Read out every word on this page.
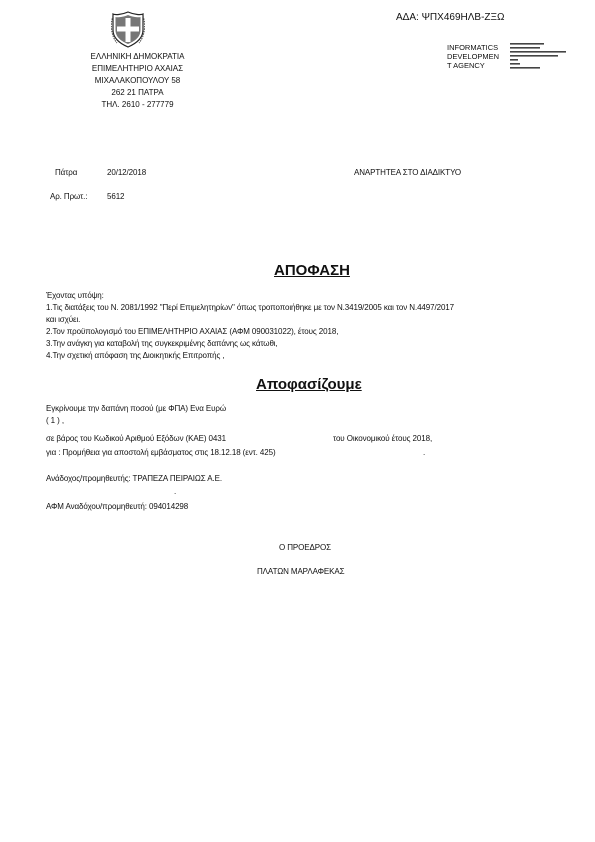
ΑΔΑ: ΨΠΧ469ΗΛΒ-ΖΞΩ
ΕΛΛΗΝΙΚΗ ΔΗΜΟΚΡΑΤΙΑ
ΕΠΙΜΕΛΗΤΗΡΙΟ ΑΧΑΙΑΣ
ΜΙΧΑΛΑΚΟΠΟΥΛΟΥ 58
262 21 ΠΑΤΡΑ
ΤΗΛ. 2610 - 277779
INFORMATICS
DEVELOPMEN
T AGENCY
Πάτρα	20/12/2018	ΑΝΑΡΤΗΤΕΑ ΣΤΟ ΔΙΑΔΙΚΤΥΟ
Αρ. Πρωτ.: 5612
ΑΠΟΦΑΣΗ
Έχοντας υπόψη:
1.Τις διατάξεις του Ν. 2081/1992 "Περί Επιμελητηρίων" όπως τροποποιήθηκε με τον Ν.3419/2005 και τον Ν.4497/2017
και ισχύει.
2.Τον προϋπολογισμό του ΕΠΙΜΕΛΗΤΗΡΙΟ ΑΧΑΙΑΣ (ΑΦΜ 090031022), έτους 2018,
3.Την ανάγκη για καταβολή της συγκεκριμένης δαπάνης ως κάτωθι,
4.Την σχετική απόφαση της Διοικητικής Επιτροπής ,
Αποφασίζουμε
Εγκρίνουμε την δαπάνη ποσού (με ΦΠΑ) Ενα Ευρώ
( 1 ) ,
σε βάρος του Κωδικού Αριθμού Εξόδων (ΚΑΕ) 0431	του Οικονομικού έτους 2018,
για : Προμήθεια για αποστολή εμβάσματος στις 18.12.18 (εντ. 425)	.
Ανάδοχος/προμηθευτής: ΤΡΑΠΕΖΑ ΠΕΙΡΑΙΩΣ Α.Ε.
.
ΑΦΜ Αναδόχου/προμηθευτή: 094014298
Ο ΠΡΟΕΔΡΟΣ
ΠΛΑΤΩΝ ΜΑΡΛΑΦΕΚΑΣ
